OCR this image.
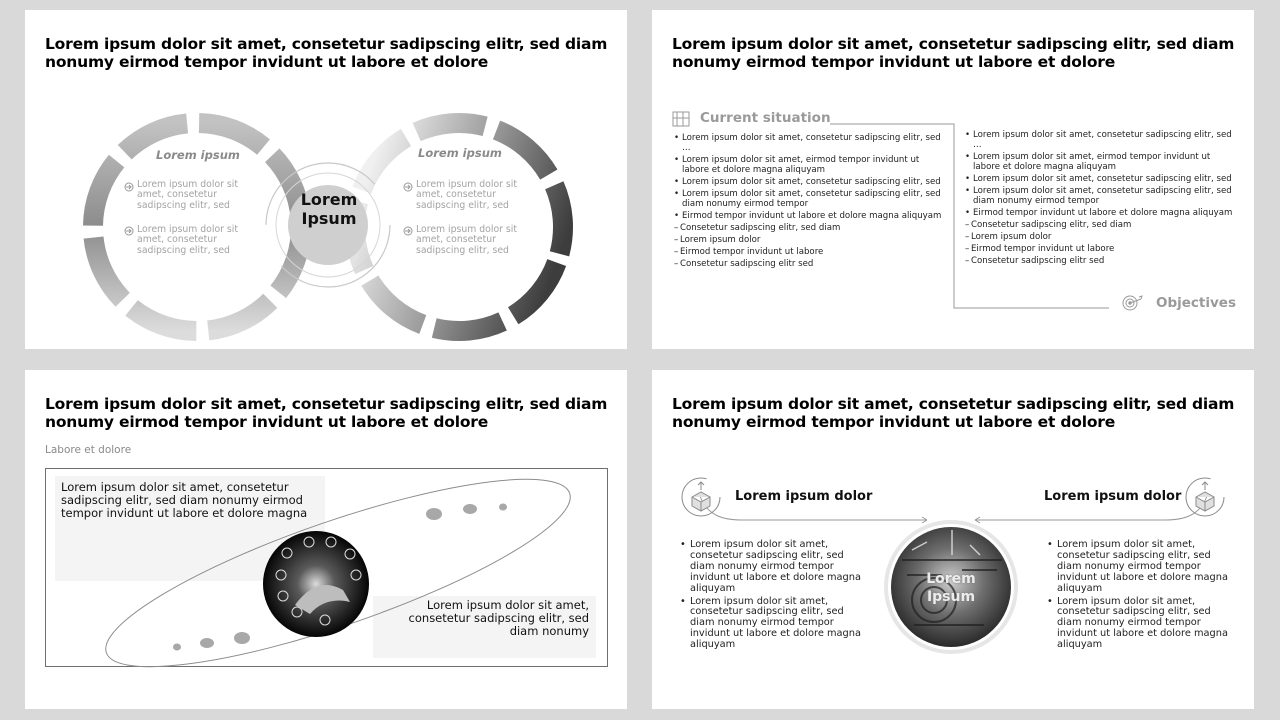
Lorem ipsum dolor sit amet, consetetur sadipscing elitr, sed diam nonumy eirmod tempor invidunt ut labore et dolore
Lorem ipsum	Lorem ipsum
Lorem ipsum dolor sit amet, consetetur sadipscing elitr, sed
Lorem ipsum dolor sit amet, consetetur sadipscing elitr, sed
Lorem ipsum dolor sit amet, consetetur sadipscing elitr, sed
Lorem ipsum dolor sit amet, consetetur sadipscing elitr, sed
Lorem
Ipsum
Lorem ipsum dolor sit amet, consetetur sadipscing elitr, sed diam nonumy eirmod tempor invidunt ut labore et dolore
Current situation
Objectives
• Lorem ipsum dolor sit amet, consetetur sadipscing elitr, sed …
• Lorem ipsum dolor sit amet, eirmod tempor invidunt ut labore et dolore magna aliquyam
• Lorem ipsum dolor sit amet, consetetur sadipscing elitr, sed
• Lorem ipsum dolor sit amet, consetetur sadipscing elitr, sed diam nonumy eirmod tempor
• Eirmod tempor invidunt ut labore et dolore magna aliquyam
– Consetetur sadipscing elitr, sed diam
– Lorem ipsum dolor
– Eirmod tempor invidunt ut labore
– Consetetur sadipscing elitr sed
• Lorem ipsum dolor sit amet, consetetur sadipscing elitr, sed …
• Lorem ipsum dolor sit amet, eirmod tempor invidunt ut labore et dolore magna aliquyam
• Lorem ipsum dolor sit amet, consetetur sadipscing elitr, sed
• Lorem ipsum dolor sit amet, consetetur sadipscing elitr, sed diam nonumy eirmod tempor
• Eirmod tempor invidunt ut labore et dolore magna aliquyam
– Consetetur sadipscing elitr, sed diam
– Lorem ipsum dolor
– Eirmod tempor invidunt ut labore
– Consetetur sadipscing elitr sed
Lorem ipsum dolor sit amet, consetetur sadipscing elitr, sed diam nonumy eirmod tempor invidunt ut labore et dolore
Labore et dolore
Lorem ipsum dolor sit amet, consetetur sadipscing elitr, sed diam nonumy eirmod tempor invidunt ut labore et dolore magna
Lorem ipsum dolor sit amet, consetetur sadipscing elitr, sed diam nonumy
Lorem ipsum dolor sit amet, consetetur sadipscing elitr, sed diam nonumy eirmod tempor invidunt ut labore et dolore
Lorem ipsum dolor	Lorem ipsum dolor
Lorem
Ipsum
• Lorem ipsum dolor sit amet, consetetur sadipscing elitr, sed diam nonumy eirmod tempor invidunt ut labore et dolore magna aliquyam
• Lorem ipsum dolor sit amet, consetetur sadipscing elitr, sed diam nonumy eirmod tempor invidunt ut labore et dolore magna aliquyam
• Lorem ipsum dolor sit amet, consetetur sadipscing elitr, sed diam nonumy eirmod tempor invidunt ut labore et dolore magna aliquyam
• Lorem ipsum dolor sit amet, consetetur sadipscing elitr, sed diam nonumy eirmod tempor invidunt ut labore et dolore magna aliquyam
